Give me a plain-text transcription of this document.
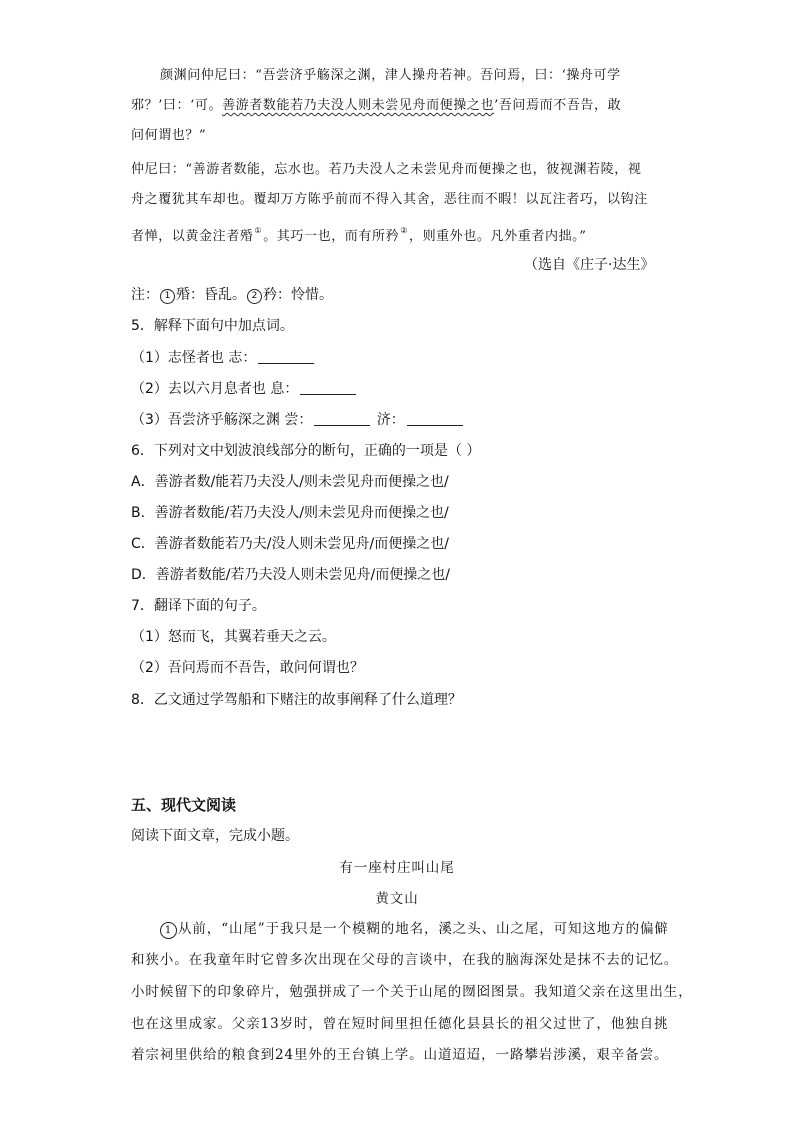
颜渊问仲尼曰：“吾尝济乎觞深之渊，津人操舟若神。吾问焉，曰：‘操舟可学
邪？’曰：‘可。善游者数能若乃夫没人则未尝见舟而便操之也’吾问焉而不吾告，敢
问何谓也？”
仲尼曰：“善游者数能，忘水也。若乃夫没人之未尝见舟而便操之也，彼视渊若陵，视
舟之覆犹其车却也。覆却万方陈乎前而不得入其舍，恶往而不暇！以瓦注者巧，以钩注
者惮，以黄金注者殙①。其巧一也，而有所矜②，则重外也。凡外重者内拙。”
（选自《庄子·达生》
注： 1 殙：昏乱。 2 矜：怜惜。
5．解释下面句中加点词。
（1）志怪者也 志：
（2）去以六月息者也 息：
（3）吾尝济乎觞深之渊 尝：	济：
6．下列对文中划波浪线部分的断句，正确的一项是（ ）
A．善游者数/能若乃夫没人/则未尝见舟而便操之也/
B．善游者数能/若乃夫没人/则未尝见舟而便操之也/
C．善游者数能若乃夫/没人则未尝见舟/而便操之也/
D．善游者数能/若乃夫没人则未尝见舟/而便操之也/
7．翻译下面的句子。
（1）怒而飞，其翼若垂天之云。
（2）吾问焉而不吾告，敢问何谓也？
8．乙文通过学驾船和下赌注的故事阐释了什么道理？
五、现代文阅读
阅读下面文章，完成小题。
有一座村庄叫山尾
黄文山
1 从前，“山尾”于我只是一个模糊的地名，溪之头、山之尾，可知这地方的偏僻
和狭小。在我童年时它曾多次出现在父母的言谈中，在我的脑海深处是抹不去的记忆。
小时候留下的印象碎片，勉强拼成了一个关于山尾的囫囵图景。我知道父亲在这里出生，
也在这里成家。父亲13岁时，曾在短时间里担任德化县县长的祖父过世了，他独自挑
着宗祠里供给的粮食到24里外的王台镇上学。山道迢迢，一路攀岩涉溪，艰辛备尝。
